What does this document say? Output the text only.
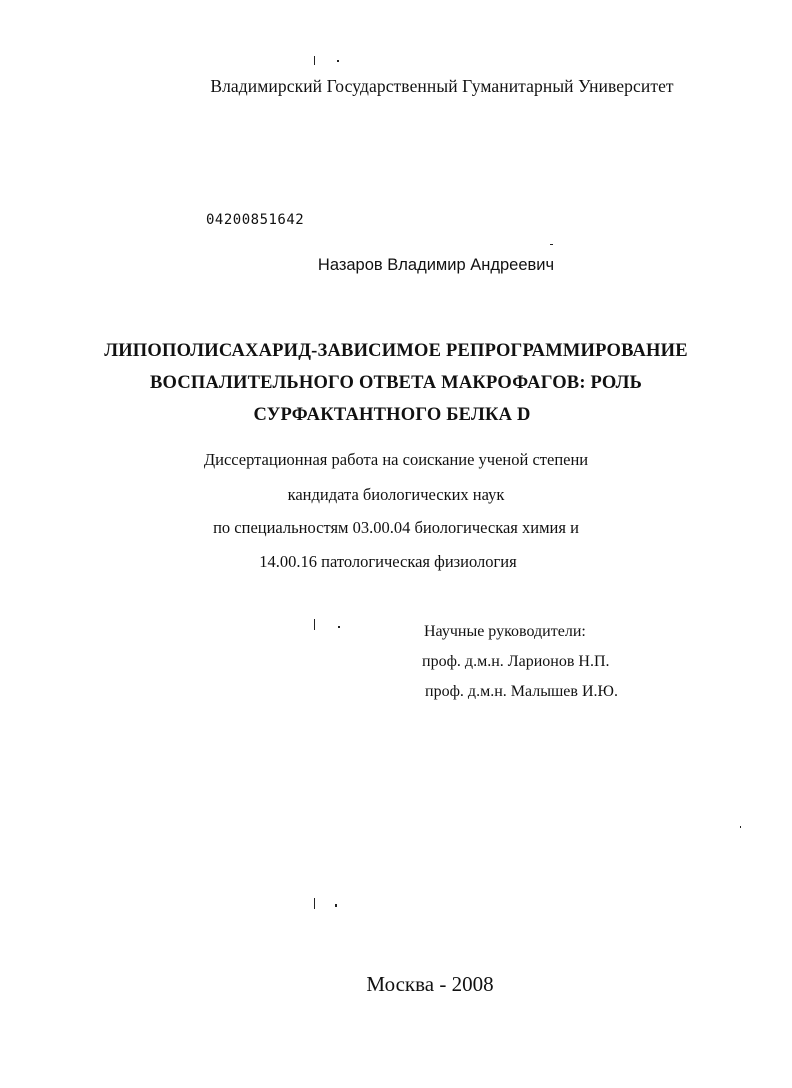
Владимирский Государственный Гуманитарный Университет
04200851642
Назаров Владимир Андреевич
ЛИПОПОЛИСАХАРИД-ЗАВИСИМОЕ РЕПРОГРАММИРОВАНИЕ
ВОСПАЛИТЕЛЬНОГО ОТВЕТА МАКРОФАГОВ: РОЛЬ
СУРФАКТАНТНОГО БЕЛКА D
Диссертационная работа на соискание ученой степени
кандидата биологических наук
по специальностям 03.00.04 биологическая химия и
14.00.16 патологическая физиология
Научные руководители:
проф. д.м.н. Ларионов Н.П.
проф. д.м.н. Малышев И.Ю.
Москва - 2008
